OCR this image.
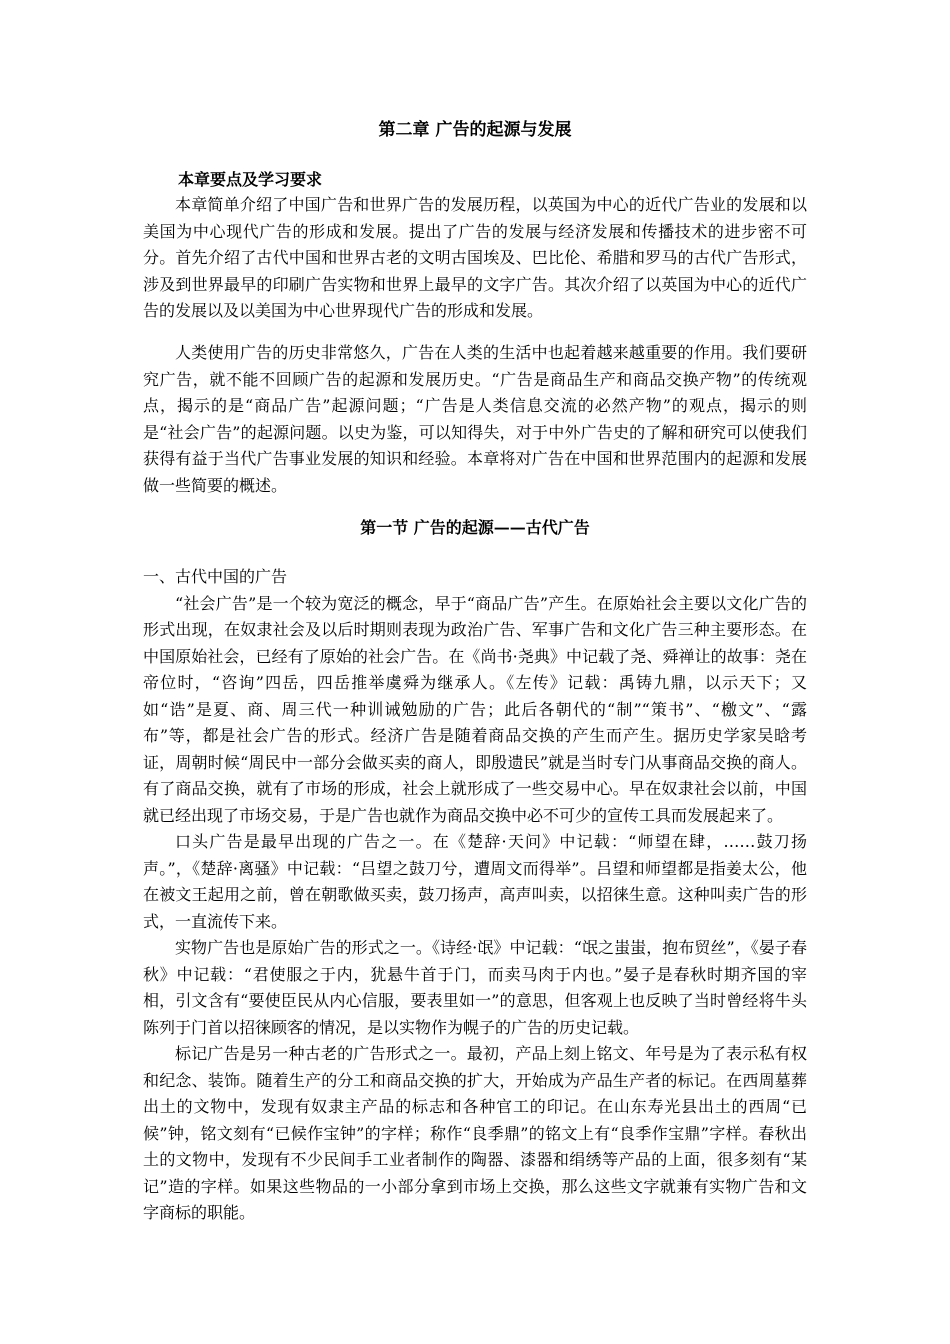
第二章 广告的起源与发展
本章要点及学习要求

本章简单介绍了中国广告和世界广告的发展历程，以英国为中心的近代广告业的发展和以美国为中心现代广告的形成和发展。提出了广告的发展与经济发展和传播技术的进步密不可分。首先介绍了古代中国和世界古老的文明古国埃及、巴比伦、希腊和罗马的古代广告形式，涉及到世界最早的印刷广告实物和世界上最早的文字广告。其次介绍了以英国为中心的近代广告的发展以及以美国为中心世界现代广告的形成和发展。

人类使用广告的历史非常悠久，广告在人类的生活中也起着越来越重要的作用。我们要研究广告，就不能不回顾广告的起源和发展历史。“广告是商品生产和商品交换产物”的传统观点，揭示的是“商品广告”起源问题；“广告是人类信息交流的必然产物”的观点，揭示的则是“社会广告”的起源问题。以史为鉴，可以知得失，对于中外广告史的了解和研究可以使我们获得有益于当代广告事业发展的知识和经验。本章将对广告在中国和世界范围内的起源和发展做一些简要的概述。

第一节 广告的起源——古代广告
一、古代中国的广告

“社会广告”是一个较为宽泛的概念，早于“商品广告”产生。在原始社会主要以文化广告的形式出现，在奴隶社会及以后时期则表现为政治广告、军事广告和文化广告三种主要形态。在中国原始社会，已经有了原始的社会广告。在《尚书·尧典》中记载了尧、舜禅让的故事：尧在帝位时，“咨询”四岳，四岳推举虞舜为继承人。《左传》记载：禹铸九鼎，以示天下；又如“诰”是夏、商、周三代一种训诫勉励的广告；此后各朝代的“制”“策书”、“檄文”、“露布”等，都是社会广告的形式。经济广告是随着商品交换的产生而产生。据历史学家吴晗考证，周朝时候“周民中一部分会做买卖的商人，即殷遗民”就是当时专门从事商品交换的商人。有了商品交换，就有了市场的形成，社会上就形成了一些交易中心。早在奴隶社会以前，中国就已经出现了市场交易，于是广告也就作为商品交换中必不可少的宣传工具而发展起来了。

口头广告是最早出现的广告之一。在《楚辞·天问》中记载：“师望在肆，……鼓刀扬声。”，《楚辞·离骚》中记载：“吕望之鼓刀兮，遭周文而得举”。吕望和师望都是指姜太公，他在被文王起用之前，曾在朝歌做买卖，鼓刀扬声，高声叫卖，以招徕生意。这种叫卖广告的形式，一直流传下来。

实物广告也是原始广告的形式之一。《诗经·氓》中记载：“氓之蚩蚩，抱布贸丝”，《晏子春秋》中记载：“君使服之于内，犹悬牛首于门，而卖马肉于内也。”晏子是春秋时期齐国的宰相，引文含有“要使臣民从内心信服，要表里如一”的意思，但客观上也反映了当时曾经将牛头陈列于门首以招徕顾客的情况，是以实物作为幌子的广告的历史记载。

标记广告是另一种古老的广告形式之一。最初，产品上刻上铭文、年号是为了表示私有权和纪念、装饰。随着生产的分工和商品交换的扩大，开始成为产品生产者的标记。在西周墓葬出土的文物中，发现有奴隶主产品的标志和各种官工的印记。在山东寿光县出土的西周“已候”钟，铭文刻有“已候作宝钟”的字样；称作“良季鼎”的铭文上有“良季作宝鼎”字样。春秋出土的文物中，发现有不少民间手工业者制作的陶器、漆器和绢绣等产品的上面，很多刻有“某记”造的字样。如果这些物品的一小部分拿到市场上交换，那么这些文字就兼有实物广告和文字商标的职能。
